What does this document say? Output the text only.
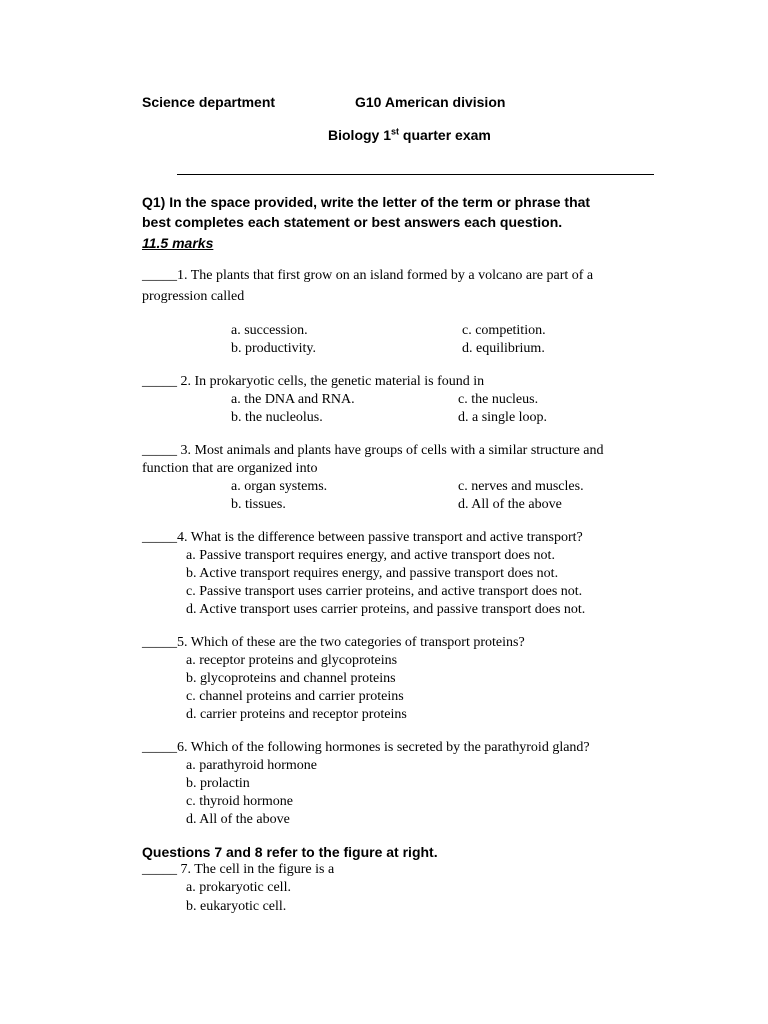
Science department	G10 American division
Biology 1st quarter exam
Q1) In the space provided, write the letter of the term or phrase that
best completes each statement or best answers each question.
11.5 marks
_____1. The plants that first grow on an island formed by a volcano are part of a
progression called
a. succession.	c. competition.
b. productivity.	d. equilibrium.
_____ 2. In prokaryotic cells, the genetic material is found in
a. the DNA and RNA.	c. the nucleus.
b. the nucleolus.	d. a single loop.
_____ 3. Most animals and plants have groups of cells with a similar structure and
function that are organized into
a. organ systems.	c. nerves and muscles.
b. tissues.	d. All of the above
_____4. What is the difference between passive transport and active transport?
a. Passive transport requires energy, and active transport does not.
b. Active transport requires energy, and passive transport does not.
c. Passive transport uses carrier proteins, and active transport does not.
d. Active transport uses carrier proteins, and passive transport does not.
_____5. Which of these are the two categories of transport proteins?
a. receptor proteins and glycoproteins
b. glycoproteins and channel proteins
c. channel proteins and carrier proteins
d. carrier proteins and receptor proteins
_____6. Which of the following hormones is secreted by the parathyroid gland?
a. parathyroid hormone
b. prolactin
c. thyroid hormone
d. All of the above
Questions 7 and 8 refer to the figure at right.
_____ 7. The cell in the figure is a
a. prokaryotic cell.
b. eukaryotic cell.
